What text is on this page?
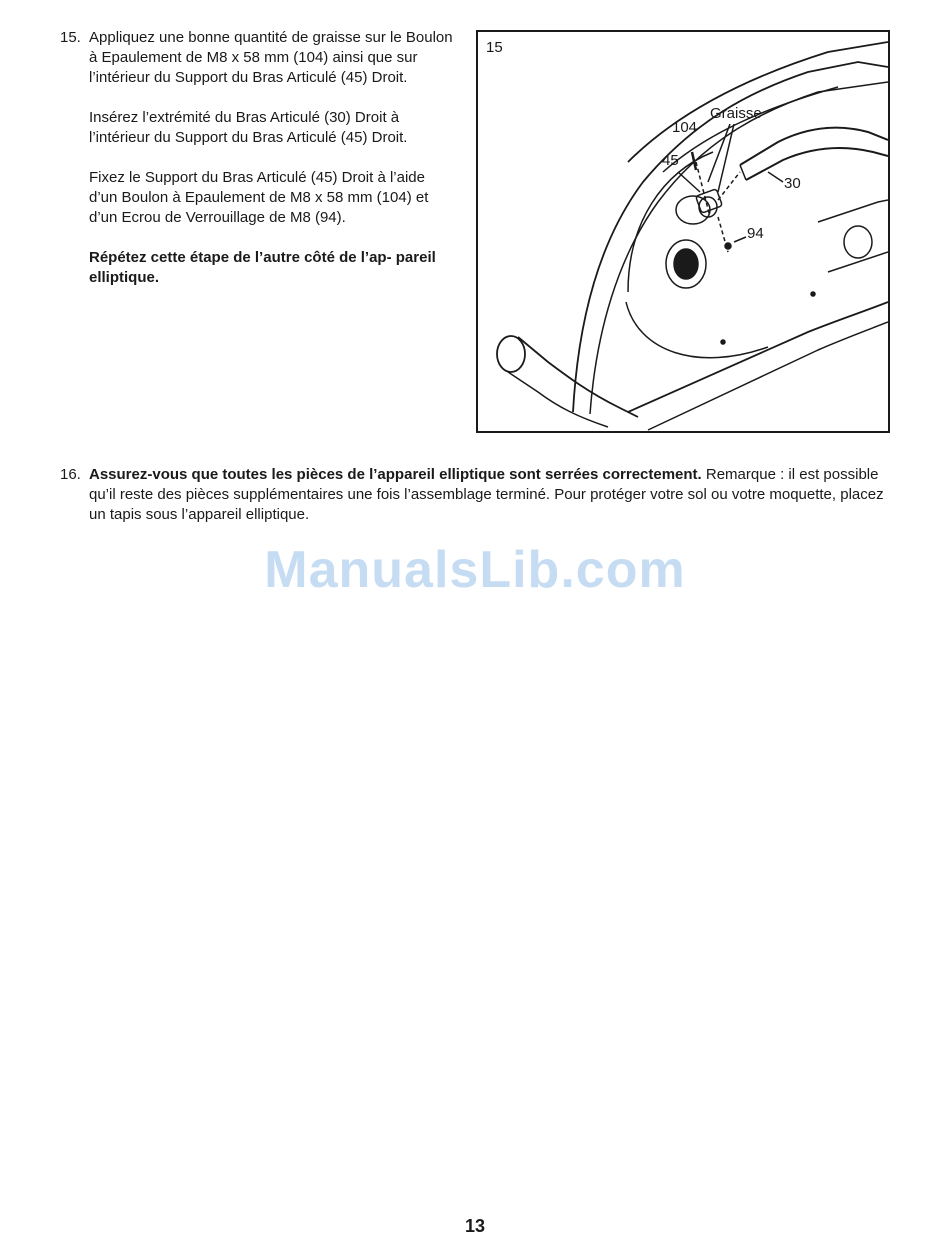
15. Appliquez une bonne quantité de graisse sur le Boulon à Epaulement de M8 x 58 mm (104) ainsi que sur l’intérieur du Support du Bras Articulé (45) Droit.

Insérez l’extrémité du Bras Articulé (30) Droit à l’intérieur du Support du Bras Articulé (45) Droit.

Fixez le Support du Bras Articulé (45) Droit à l’aide d’un Boulon à Epaulement de M8 x 58 mm (104) et d’un Ecrou de Verrouillage de M8 (94).

Répétez cette étape de l’autre côté de l’ap- pareil elliptique.

15
Graisse
104
45
30
94
16. Assurez-vous que toutes les pièces de l’appareil elliptique sont serrées correctement. Remarque : il est possible qu’il reste des pièces supplémentaires une fois l’assemblage terminé. Pour protéger votre sol ou votre moquette, placez un tapis sous l’appareil elliptique.
ManualsLib.com
13
